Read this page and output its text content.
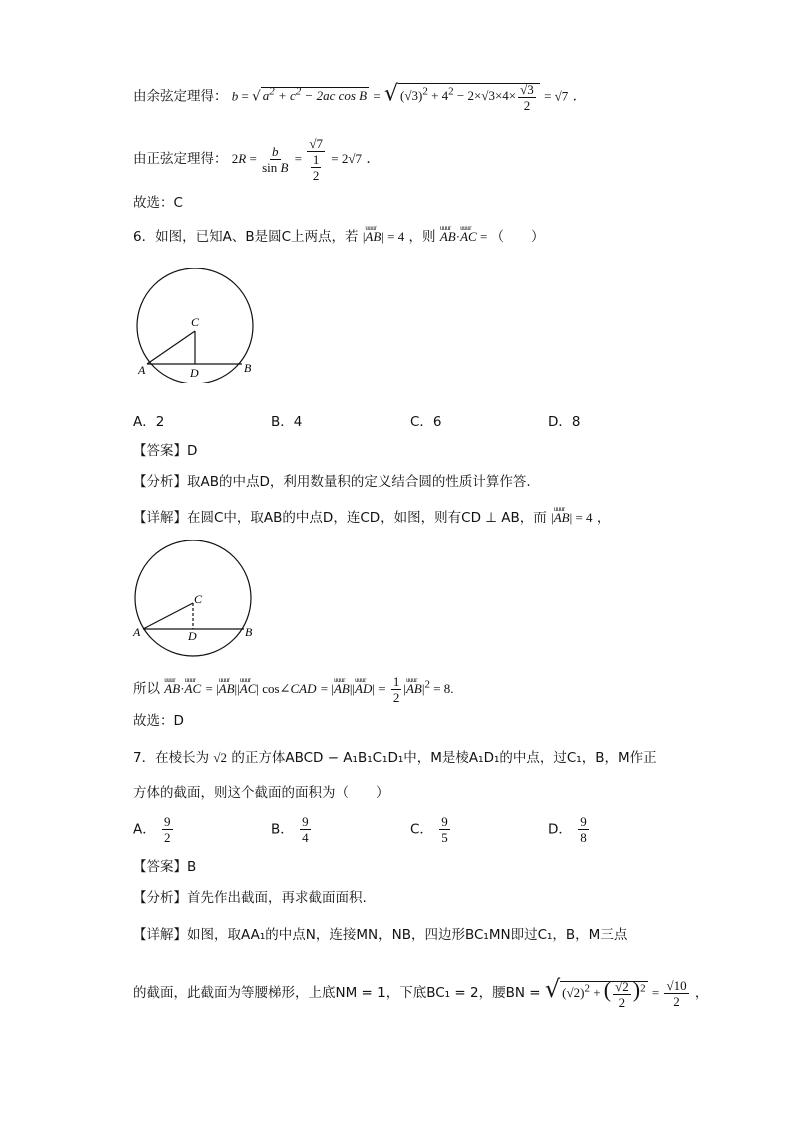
由余弦定理得： b = √ $a^2 + c^2 - 2ac$ cos B = √ $(√3)^2 + 4^2 - 2\times√3\times 4\times \frac{√3}{2} = √7$ .
由正弦定理得： $2R = \frac{b}{\text{sin B}} = \frac{√7}{\frac{1}{2}} = 2√7$ .
故选：C
6．如图，已知A、B是圆C上两点，若 |uuur AB| = 4 ，则 uuur AB·uuur AC = （　　）
A	B
C
D
A．2	B．4	C．6	D．8
【答案】D
【分析】取AB的中点D，利用数量积的定义结合圆的性质计算作答.
【详解】在圆C中，取AB的中点D，连CD，如图，则有CD ⊥ AB，而 |uuur AB| = 4 ，
A	B
C
D
所以 uuur AB·uuur AC = |uuur AB||uuur AC| cos∠CAD = |uuur AB||uuur $AD| = \frac{1}{2}$ |uuur $AB|^2 = 8$.
故选：D
7．在棱长为 √2 的正方体ABCD − A₁B₁C₁D₁中，M是棱A₁D₁的中点，过C₁，B，M作正
方体的截面，则这个截面的面积为（　　）
A． $\frac{9}{2}$	B． $\frac{9}{4}$	C． $\frac{9}{5}$	D． $\frac{9}{8}$
【答案】B
【分析】首先作出截面，再求截面面积.
【详解】如图，取AA₁的中点N，连接MN，NB，四边形BC₁MN即过C₁，B，M三点
的截面，此截面为等腰梯形，上底NM = 1，下底BC₁ = 2，腰BN = √ $(√2)^2$ + ( $\frac{√2}{2} )^2 = \frac{√10}{2}$ ，
